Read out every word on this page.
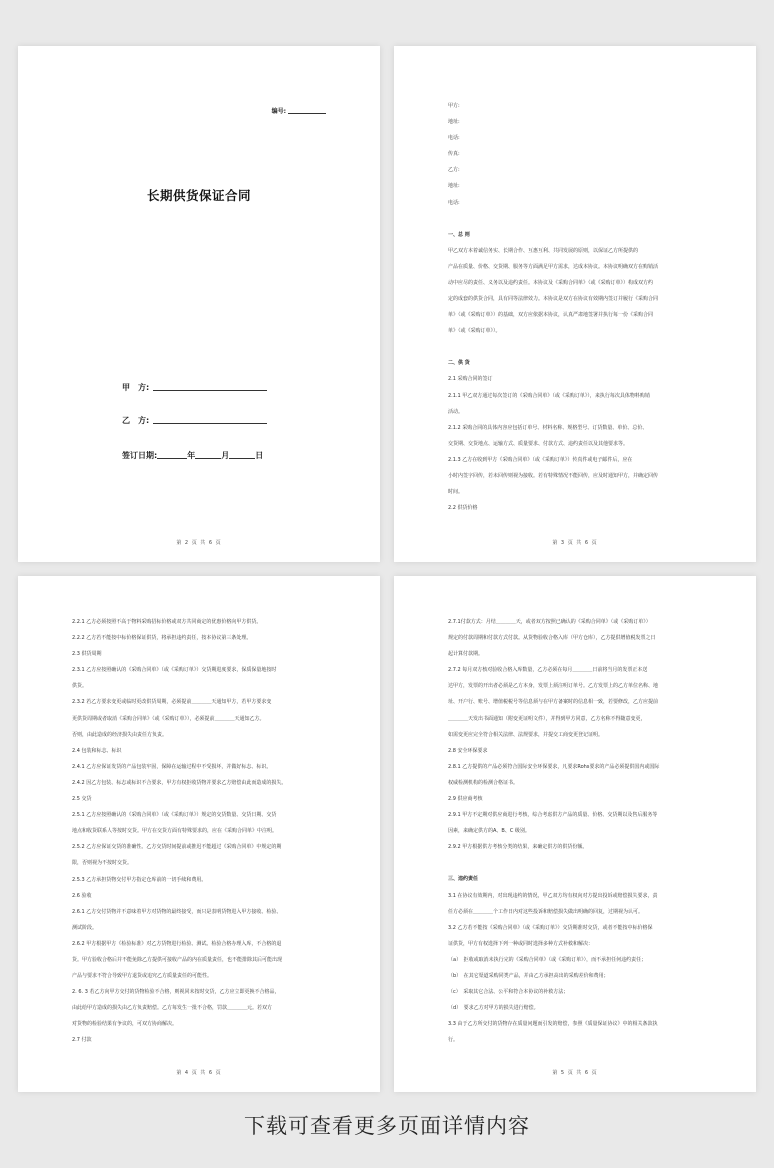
编号:
长期供货保证合同
甲　方:
乙　方:
签订日期:	年	月	日
第 2 页 共 6 页

甲方:

地址:

电话:

传真:

乙方:

地址:

电话:

一、总 则

甲乙双方本着诚信务实、长期合作、互惠互利、共同发展的原则，以保证乙方所提供的

产品在质量、价格、交货期、服务等方面满足甲方需求，达成本协议。本协议明确双方在购销活

动中应尽的责任、义务以及违约责任。本协议及《采购合同单》（或《采购订单》）构成双方约

定的成套的供货合同，具有同等法律效力。本协议是双方在协议有效期内签订并履行《采购合同

单》（或《采购订单》）的基础，双方应依据本协议，认真严肃地签署并执行每一份《采购合同

单》（或《采购订单》）。

二、供 货

2.1 采购合同的签订

2.1.1 甲乙双方通过每次签订的《采购合同单》（或《采购订单》），来执行每次具体物料购销

活动。

2.1.2 采购合同的具体内容应包括订单号、材料名称、规格型号、订货数量、单价、总价、

交货期、交货地点、运输方式、质量要求、付款方式、违约责任以及其他要求等。

2.1.3 乙方在收到甲方《采购合同单》（或《采购订单》）传真件或电子邮件后，应在

小时内签字回传，若未回传则视为接收。若有特殊情况不能回传，应及时通知甲方，并确定回传

时间。

2.2 供货价格

第 3 页 共 6 页

2.2.1 乙方必须按照不高于物料采购招标价格或双方共同商定的优惠价格向甲方供货。

2.2.2 乙方若不能按中标价格保证供货，将承担违约责任，按本协议第三条处理。

2.3 供货周期

2.3.1 乙方应按照确认的《采购合同单》（或《采购订单》）交货期进度要求，保质保量地按时

供货。

2.3.2 若乙方要求变更或临时更改供货周期，必须提前＿＿＿＿天通知甲方，若甲方要求变

更供货周期或者取消《采购合同单》（或《采购订单》），必须提前＿＿＿＿天通知乙方。

否则，由此造成的经济损失由责任方负责。

2.4 包装和标志、标识

2.4.1 乙方应保证发货的产品包装牢固，保障在运输过程中不受损坏，并做好标志、标识。

2.4.2 因乙方包装、标志或标识不合要求，甲方有权拒收货物并要求乙方赔偿由此而造成的损失。

2.5 交货

2.5.1 乙方应按照确认的《采购合同单》（或《采购订单》）规定的交货数量、交货日期、交货

地点和收货联系人等按时交货。甲方在交货方面有特殊要求的，应在《采购合同单》中注明。

2.5.2 乙方应保证交货的准确性。乙方交货时间提前或推迟不能超过《采购合同单》中规定的期

限，否则视为不按时交货。

2.5.3 乙方承担货物交付甲方指定仓库前的一切手续和费用。

2.6 验收

2.6.1 乙方交付货物并不意味着甲方对货物的最终接受，而只是表明货物进入甲方接收、检验、

测试阶段。

2.6.2 甲方根据甲方《检验标准》对乙方货物进行检验、测试。检验合格办理入库，不合格的退

货。甲方验收合格后并不能免除乙方提供可接收产品的内在质量责任，也不能排除其后可能出现

产品与要求不符合导致甲方退货或追究乙方质量责任的可能性。

2. 6. 3 若乙方向甲方交付的货物检验不合格，则视同未按时交货，乙方应立即更换不合格品，

由此给甲方造成的损失由乙方负责赔偿。乙方每发生一批不合格，罚款＿＿＿＿元。若双方

对货物的检验结果有争议的，可双方协商解决。

2.7 付款

第 4 页 共 6 页

2.7.1付款方式：月结＿＿＿＿天，或者双方按照已确认的《采购合同单》（或《采购订单》）

规定的付款周期和付款方式付款。从货物验收合格入库（甲方仓库），乙方提供增值税发票之日

起计算付款期。

2.7.2 每月双方核对验收合格入库数量，乙方必须在每月＿＿＿＿日前将当月的发票正本送

达甲方，发票的开出者必须是乙方本身，发票上须注明订单号。乙方发票上的乙方单位名称、地

址、开户行、账号、增值税税号等信息须与在甲方备案时的信息相一致，若要修改，乙方应提前

＿＿＿＿天发出书面通知（附变更证明文件），并得到甲方同意，乙方名称不得随意变更，

如需变更应完全符合相关法律、法规要求，并提交工商变更登记证明。

2.8 安全环保要求

2.8.1 乙方提供的产品必须符合国际安全环保要求，凡要求Rohs要求的产品必须提供国内或国际

权威检测机构的检测合格证书。

2.9 供应商考核

2.9.1 甲方不定期对供应商进行考核，综合考虑供方产品的质量、价格、交货期以及售后服务等

因素，来确定供方的A、B、C 级别。

2.9.2 甲方根据供方考核分类的结果，来确定供方的供货份额。

三、违约责任

3.1 在协议有效期内，对出现违约的情况，甲乙双方均有权向对方提出投诉或赔偿损失要求，责

任方必须在＿＿＿＿个工作日内对这些投诉和赔偿损失做出明确的回复，过期视为认可。

3.2 乙方若不能按《采购合同单》（或《采购订单》）交货期准时交货，或者不能按中标价格保

证供货，甲方有权选择下列一种或同时选择多种方式补救和解决：

（a）　拒收或取消未执行完的《采购合同单》（或《采购订单》），而不承担任何违约责任；

（b）　在其它渠道采购同类产品，并由乙方承担高出的采购差价和费用；

（c）　采取其它合法、公平和符合本协议的补救方法；

（d）　要求乙方对甲方的损失进行赔偿。

3.3 由于乙方所交付的货物存在质量问题而引发的赔偿，参照《质量保证协议》中的相关条款执

行。

第 5 页 共 6 页
下载可查看更多页面详情内容
